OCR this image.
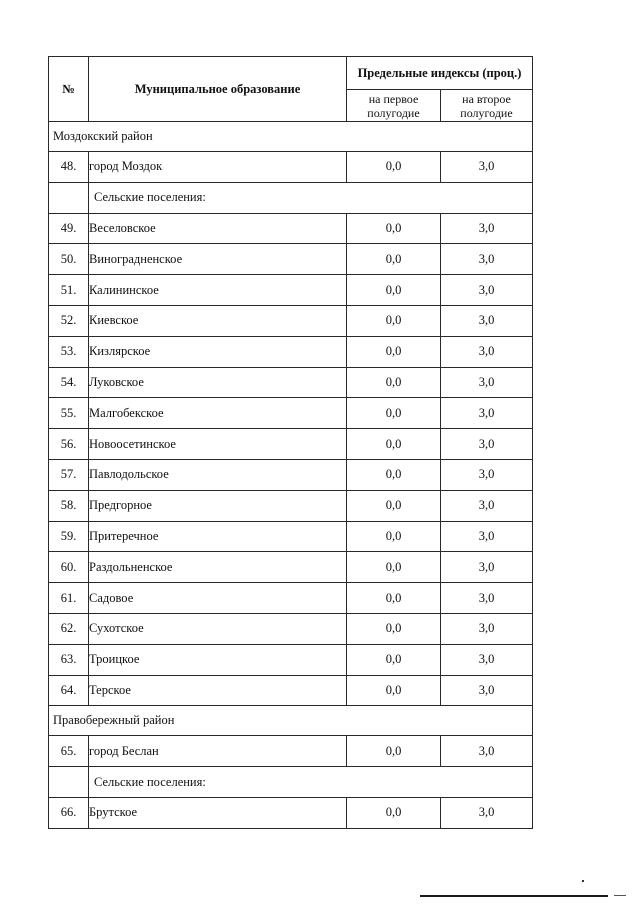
№	Муниципальное образование	Предельные индексы (проц.)	
		на первое полугодие	на второе полугодие
Моздокский район			
48.	город Моздок	0,0	3,0
	Сельские поселения:		
49.	Веселовское	0,0	3,0
50.	Виноградненское	0,0	3,0
51.	Калининское	0,0	3,0
52.	Киевское	0,0	3,0
53.	Кизлярское	0,0	3,0
54.	Луковское	0,0	3,0
55.	Малгобекское	0,0	3,0
56.	Новоосетинское	0,0	3,0
57.	Павлодольское	0,0	3,0
58.	Предгорное	0,0	3,0
59.	Притеречное	0,0	3,0
60.	Раздольненское	0,0	3,0
61.	Садовое	0,0	3,0
62.	Сухотское	0,0	3,0
63.	Троицкое	0,0	3,0
64.	Терское	0,0	3,0
Правобережный район			
65.	город Беслан	0,0	3,0
	Сельские поселения:		
66.	Брутское	0,0	3,0
